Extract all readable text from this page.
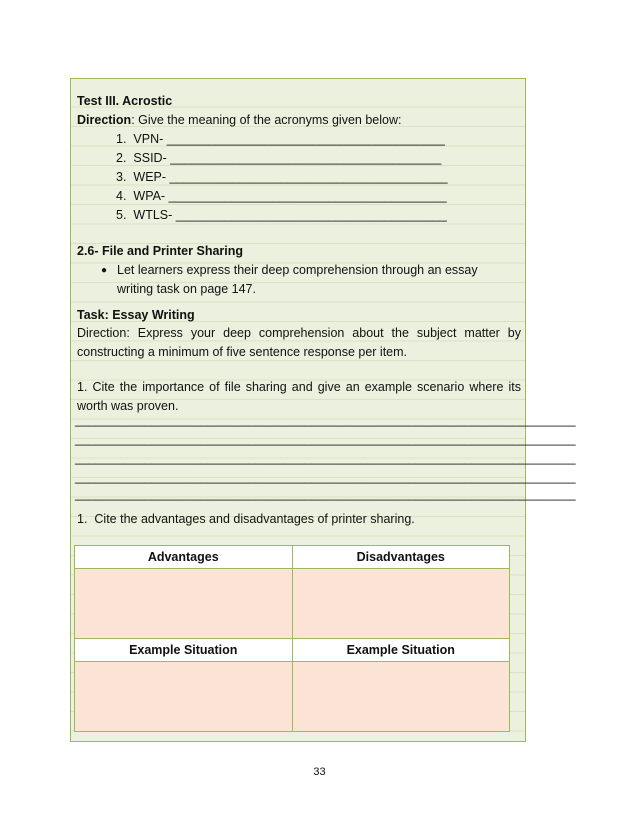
Test III. Acrostic
Direction: Give the meaning of the acronyms given below:
1. VPN- ________________________________________
2. SSID- _______________________________________
3. WEP- ________________________________________
4. WPA- ________________________________________
5. WTLS- _______________________________________
2.6- File and Printer Sharing
● Let learners express their deep comprehension through an essay
writing task on page 147.
Task: Essay Writing
Direction: Express your deep comprehension about the subject matter by
constructing a minimum of five sentence response per item.
1. Cite the importance of file sharing and give an example scenario where its
worth was proven.
________________________________________________________________________
________________________________________________________________________
________________________________________________________________________
________________________________________________________________________
________________________________________________________________________
1. Cite the advantages and disadvantages of printer sharing.
Advantages	Disadvantages

Example Situation	Example Situation

33
